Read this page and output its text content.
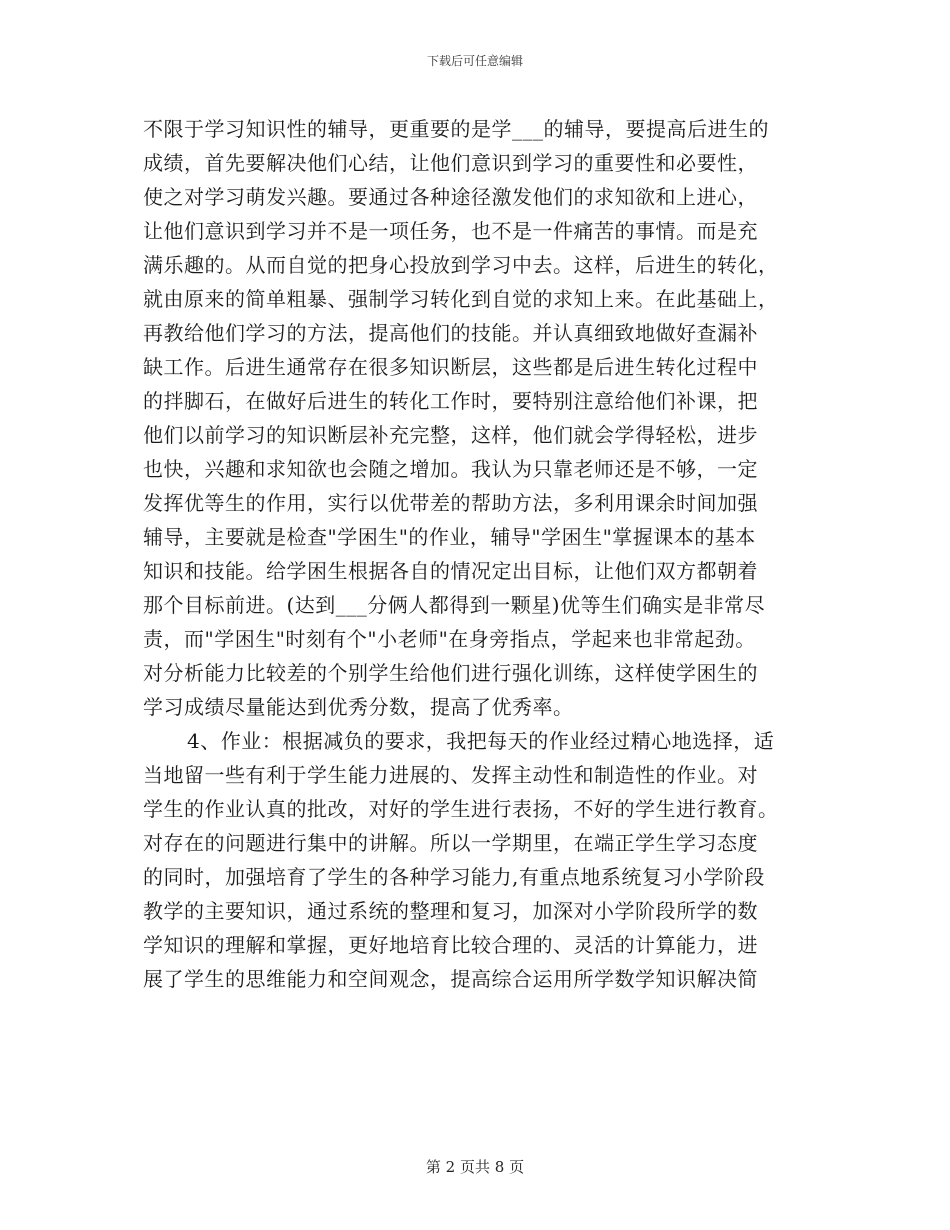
下载后可任意编辑
不限于学习知识性的辅导，更重要的是学___的辅导，要提高后进生的
成绩，首先要解决他们心结，让他们意识到学习的重要性和必要性，
使之对学习萌发兴趣。要通过各种途径激发他们的求知欲和上进心，
让他们意识到学习并不是一项任务，也不是一件痛苦的事情。而是充
满乐趣的。从而自觉的把身心投放到学习中去。这样，后进生的转化，
就由原来的简单粗暴、强制学习转化到自觉的求知上来。在此基础上，
再教给他们学习的方法，提高他们的技能。并认真细致地做好查漏补
缺工作。后进生通常存在很多知识断层，这些都是后进生转化过程中
的拌脚石，在做好后进生的转化工作时，要特别注意给他们补课，把
他们以前学习的知识断层补充完整，这样，他们就会学得轻松，进步
也快，兴趣和求知欲也会随之增加。我认为只靠老师还是不够，一定
发挥优等生的作用，实行以优带差的帮助方法，多利用课余时间加强
辅导，主要就是检查"学困生"的作业，辅导"学困生"掌握课本的基本
知识和技能。给学困生根据各自的情况定出目标，让他们双方都朝着
那个目标前进。(达到___分俩人都得到一颗星)优等生们确实是非常尽
责，而"学困生"时刻有个"小老师"在身旁指点，学起来也非常起劲。
对分析能力比较差的个别学生给他们进行强化训练，这样使学困生的
学习成绩尽量能达到优秀分数，提高了优秀率。
4、作业：根据减负的要求，我把每天的作业经过精心地选择，适
当地留一些有利于学生能力进展的、发挥主动性和制造性的作业。对
学生的作业认真的批改，对好的学生进行表扬，不好的学生进行教育。
对存在的问题进行集中的讲解。所以一学期里，在端正学生学习态度
的同时，加强培育了学生的各种学习能力,有重点地系统复习小学阶段
教学的主要知识，通过系统的整理和复习，加深对小学阶段所学的数
学知识的理解和掌握，更好地培育比较合理的、灵活的计算能力，进
展了学生的思维能力和空间观念，提高综合运用所学数学知识解决简
第 2 页共 8 页
